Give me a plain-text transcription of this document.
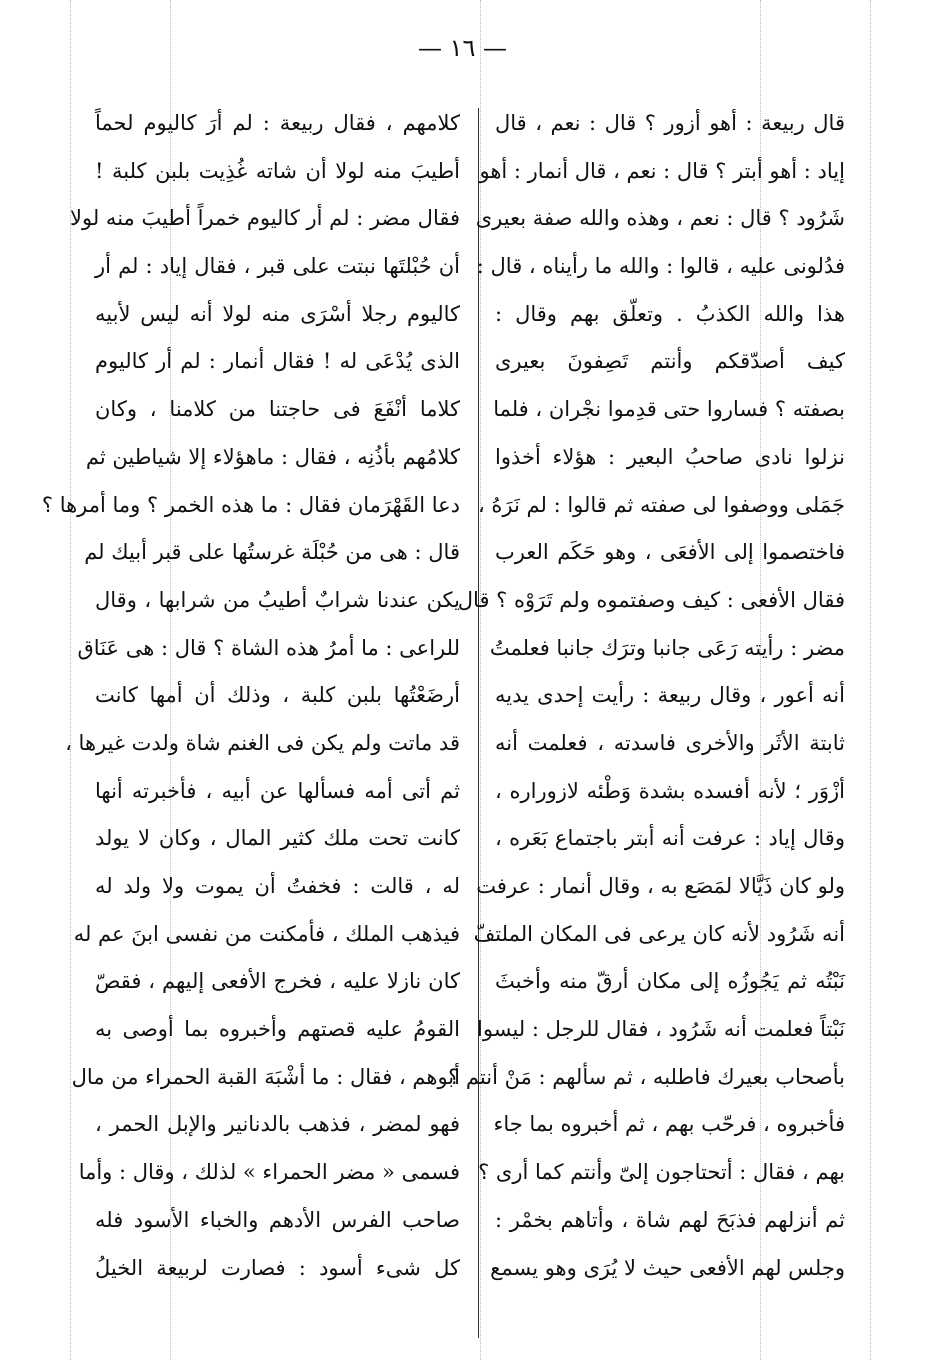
— ١٦ —
قال ربيعة : أهو أزور ؟ قال : نعم ، قال
إياد : أهو أبتر ؟ قال : نعم ، قال أنمار : أهو
شَرُود ؟ قال : نعم ، وهذه والله صفة بعيرى
فدُلونى عليه ، قالوا : والله ما رأيناه ، قال :
هذا والله الكذبُ . وتعلّق بهم وقال :
كيف أصدّقكم وأنتم تَصِفونَ بعيرى
بصفته ؟ فساروا حتى قدِموا نجْران ، فلما
نزلوا نادى صاحبُ البعير : هؤلاء أخذوا
جَمَلى ووصفوا لى صفته ثم قالوا : لم نَرَهُ ،
فاختصموا إلى الأفعَى ، وهو حَكَم العرب
فقال الأفعى : كيف وصفتموه ولم تَرَوْه ؟ قال
مضر : رأيته رَعَى جانبا وترَك جانبا فعلمتُ
أنه أعور ، وقال ربيعة : رأيت إحدى يديه
ثابتة الأثَر والأخرى فاسدته ، فعلمت أنه
أزْوَر ؛ لأنه أفسده بشدة وَطْئه لازوراره ،
وقال إياد : عرفت أنه أبتر باجتماع بَعَره ،
ولو كان ذَيَّالا لمَصَع به ، وقال أنمار : عرفت
أنه شَرُود لأنه كان يرعى فى المكان الملتفّ
نَبْتُه ثم يَجُوزُه إلى مكان أرقّ منه وأخبثَ
نَبْتاً فعلمت أنه شَرُود ، فقال للرجل : ليسوا
بأصحاب بعيرك فاطلبه ، ثم سألهم : مَنْ أنتم ؟
فأخبروه ، فرحّب بهم ، ثم أخبروه بما جاء
بهم ، فقال : أتحتاجون إلىّ وأنتم كما أرى ؟
ثم أنزلهم فذبَحَ لهم شاة ، وأتاهم بخمْر :
وجلس لهم الأفعى حيث لا يُرَى وهو يسمع
كلامهم ، فقال ربيعة : لم أرَ كاليوم لحماً
أطيبَ منه لولا أن شاته غُذِيت بلبن كلبة !
فقال مضر : لم أر كاليوم خمراً أطيبَ منه لولا
أن حُبْلتَها نبتت على قبر ، فقال إياد : لم أر
كاليوم رجلا أسْرَى منه لولا أنه ليس لأبيه
الذى يُدْعَى له ! فقال أنمار : لم أر كاليوم
كلاما أنْفَعَ فى حاجتنا من كلامنا ، وكان
كلامُهم بأذُنِه ، فقال : ماهؤلاء إلا شياطين ثم
دعا القَهْرَمان فقال : ما هذه الخمر ؟ وما أمرها ؟
قال : هى من حُبْلَة غرستُها على قبر أبيك لم
يكن عندنا شرابٌ أطيبُ من شرابها ، وقال
للراعى : ما أمرُ هذه الشاة ؟ قال : هى عَنَاق
أرضَعْتُها بلبن كلبة ، وذلك أن أمها كانت
قد ماتت ولم يكن فى الغنم شاة ولدت غيرها ،
ثم أتى أمه فسألها عن أبيه ، فأخبرته أنها
كانت تحت ملك كثير المال ، وكان لا يولد
له ، قالت : فخفتُ أن يموت ولا ولد له
فيذهب الملك ، فأمكنت من نفسى ابنَ عم له
كان نازلا عليه ، فخرج الأفعى إليهم ، فقصّ
القومُ عليه قصتهم وأخبروه بما أوصى به
أبوهم ، فقال : ما أشْبَهَ القبة الحمراء من مال
فهو لمضر ، فذهب بالدنانير والإبل الحمر ،
فسمى « مضر الحمراء » لذلك ، وقال : وأما
صاحب الفرس الأدهم والخباء الأسود فله
كل شىء أسود : فصارت لربيعة الخيلُ
